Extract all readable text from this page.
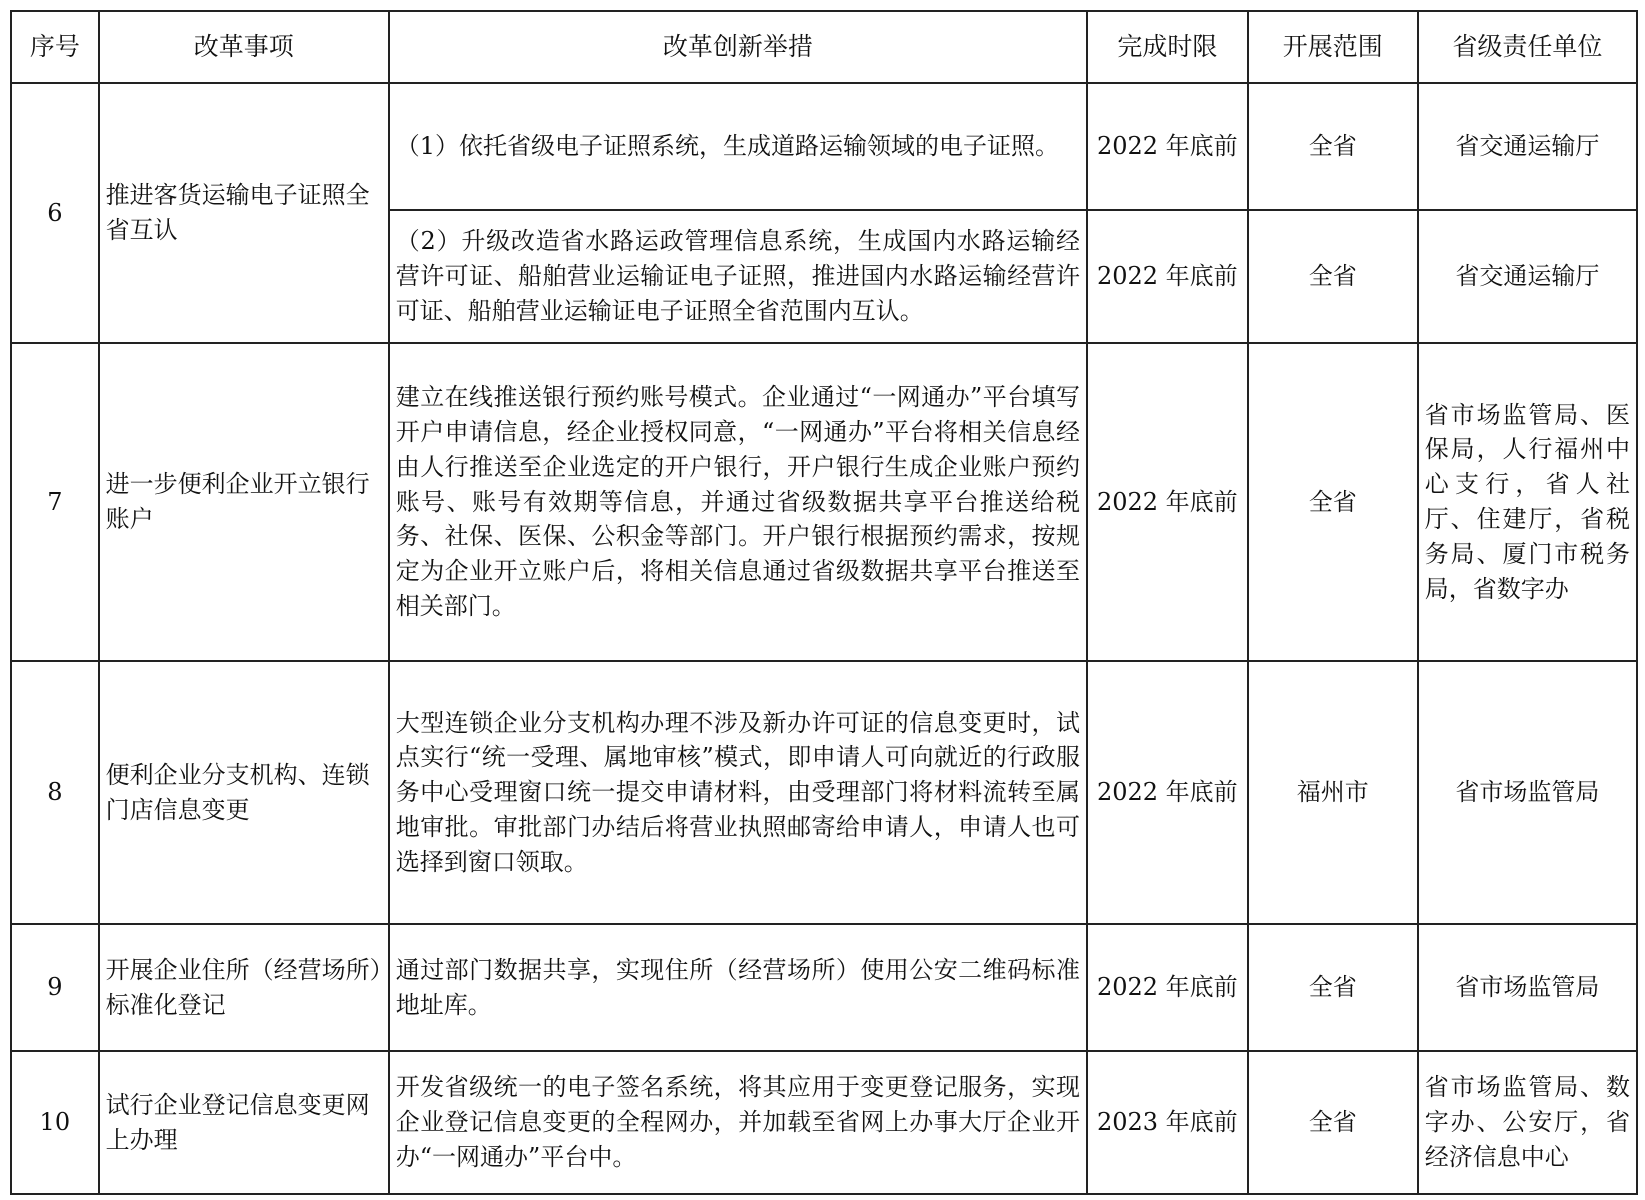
序号	改革事项	改革创新举措	完成时限	开展范围	省级责任单位
6	推进客货运输电子证照全省互认	（1）依托省级电子证照系统，生成道路运输领域的电子证照。	2022 年底前	全省	省交通运输厅
		（2）升级改造省水路运政管理信息系统，生成国内水路运输经营许可证、船舶营业运输证电子证照，推进国内水路运输经营许可证、船舶营业运输证电子证照全省范围内互认。	2022 年底前	全省	省交通运输厅
7	进一步便利企业开立银行账户	建立在线推送银行预约账号模式。企业通过“一网通办”平台填写开户申请信息，经企业授权同意，“一网通办”平台将相关信息经由人行推送至企业选定的开户银行，开户银行生成企业账户预约账号、账号有效期等信息，并通过省级数据共享平台推送给税务、社保、医保、公积金等部门。开户银行根据预约需求，按规定为企业开立账户后，将相关信息通过省级数据共享平台推送至相关部门。	2022 年底前	全省	省市场监管局、医保局，人行福州中心支行，省人社厅、住建厅，省税务局、厦门市税务局，省数字办
8	便利企业分支机构、连锁门店信息变更	大型连锁企业分支机构办理不涉及新办许可证的信息变更时，试点实行“统一受理、属地审核”模式，即申请人可向就近的行政服务中心受理窗口统一提交申请材料，由受理部门将材料流转至属地审批。审批部门办结后将营业执照邮寄给申请人，申请人也可选择到窗口领取。	2022 年底前	福州市	省市场监管局
9	开展企业住所（经营场所）标准化登记	通过部门数据共享，实现住所（经营场所）使用公安二维码标准地址库。	2022 年底前	全省	省市场监管局
10	试行企业登记信息变更网上办理	开发省级统一的电子签名系统，将其应用于变更登记服务，实现企业登记信息变更的全程网办，并加载至省网上办事大厅企业开办“一网通办”平台中。	2023 年底前	全省	省市场监管局、数字办、公安厅，省经济信息中心
